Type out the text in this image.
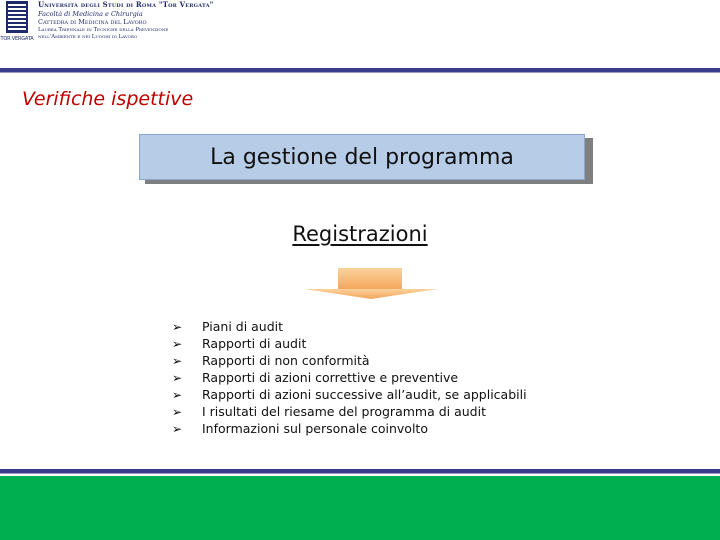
TOR VERGATA
Università degli Studi di Roma "Tor Vergata"
Facoltà di Medicina e Chirurgia
Cattedra di Medicina del Lavoro
Laurea Triennale in Tecniche della Prevenzione
nell'Ambiente e nei Luoghi di Lavoro
Verifiche ispettive
La gestione del programma
Registrazioni
➢	Piani di audit
➢	Rapporti di audit
➢	Rapporti di non conformità
➢	Rapporti di azioni correttive e preventive
➢	Rapporti di azioni successive all’audit, se applicabili
➢	I risultati del riesame del programma di audit
➢	Informazioni sul personale coinvolto
